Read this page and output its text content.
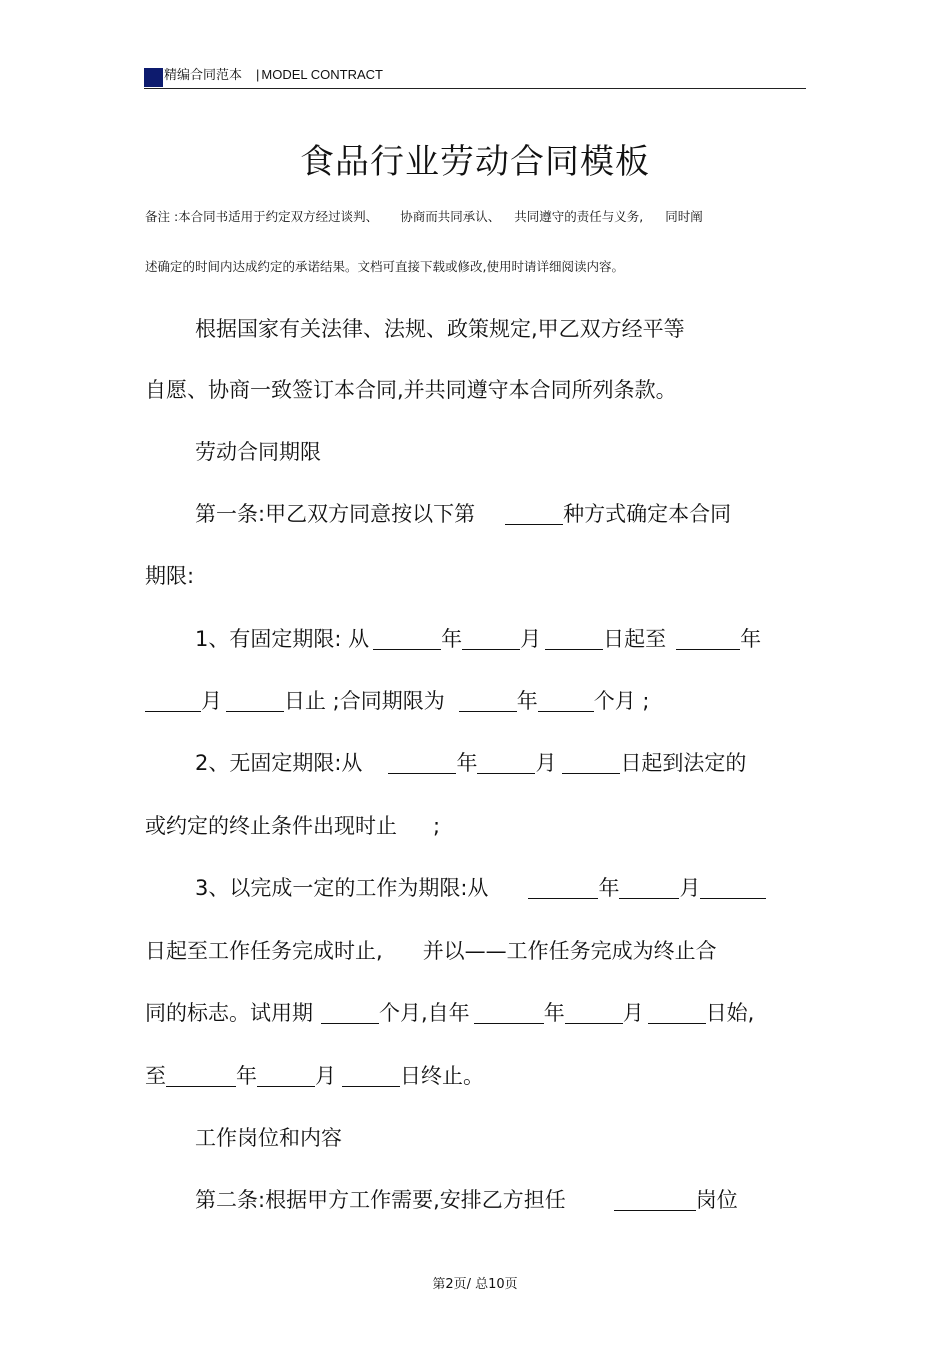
精编合同范本 | MODEL CONTRACT
食品行业劳动合同模板
备注 :本合同书适用于约定双方经过谈判、 协商而共同承认、 共同遵守的责任与义务, 同时阐
述确定的时间内达成约定的承诺结果。文档可直接下载或修改,使用时请详细阅读内容。
根据国家有关法律、法规、政策规定,甲乙双方经平等
自愿、协商一致签订本合同,并共同遵守本合同所列条款。
劳动合同期限
第一条:甲乙双方同意按以下第	种方式确定本合同
期限:
1、有固定期限: 从	年	月	日起至	年
月	日止 ;合同期限为	年	个月 ;
2、无固定期限:从	年	月	日起到法定的
或约定的终止条件出现时止 ;
3、以完成一定的工作为期限:从	年	月
日起至工作任务完成时止, 并以——工作任务完成为终止合
同的标志。试用期	个月,自年	年	月	日始,
至	年	月	日终止。
工作岗位和内容
第二条:根据甲方工作需要,安排乙方担任	岗位
第2页/ 总10页
